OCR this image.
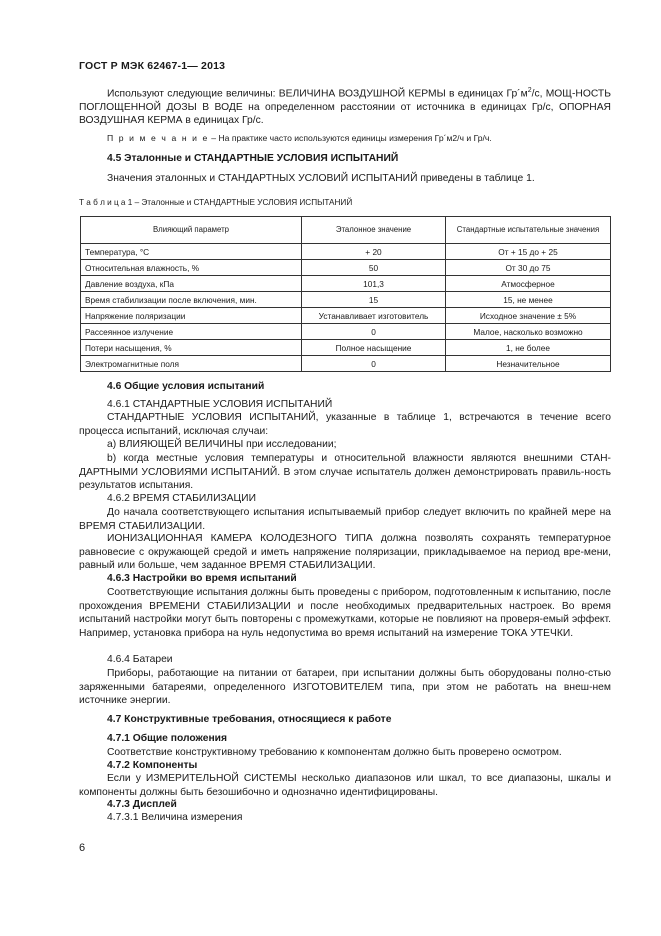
ГОСТ Р МЭК 62467-1— 2013
Используют следующие величины: ВЕЛИЧИНА ВОЗДУШНОЙ КЕРМЫ в единицах $Гр´м^2/с$, МОЩ-НОСТЬ ПОГЛОЩЕННОЙ ДОЗЫ В ВОДЕ на определенном расстоянии от источника в единицах Гр/с, ОПОРНАЯ ВОЗДУШНАЯ КЕРМА в единицах Гр/с.
П р и м е ч а н и е – На практике часто используются единицы измерения Гр´м2/ч и Гр/ч.
4.5 Эталонные и СТАНДАРТНЫЕ УСЛОВИЯ ИСПЫТАНИЙ
Значения эталонных и СТАНДАРТНЫХ УСЛОВИЙ ИСПЫТАНИЙ приведены в таблице 1.
Т а б л и ц а 1 – Эталонные и СТАНДАРТНЫЕ УСЛОВИЯ ИСПЫТАНИЙ
Влияющий параметр	Эталонное значение	Стандартные испытательные значения
Температура, °С	+ 20	От + 15 до + 25
Относительная влажность, %	50	От 30 до 75
Давление воздуха, кПа	101,3	Атмосферное
Время стабилизации после включения, мин.	15	15, не менее
Напряжение поляризации	Устанавливает изготовитель	Исходное значение ± 5%
Рассеянное излучение	0	Малое, насколько возможно
Потери насыщения, %	Полное насыщение	1, не более
Электромагнитные поля	0	Незначительное
4.6 Общие условия испытаний
4.6.1 СТАНДАРТНЫЕ УСЛОВИЯ ИСПЫТАНИЙ
СТАНДАРТНЫЕ УСЛОВИЯ ИСПЫТАНИЙ, указанные в таблице 1, встречаются в течение всего процесса испытаний, исключая случаи:
a) ВЛИЯЮЩЕЙ ВЕЛИЧИНЫ при исследовании;
b) когда местные условия температуры и относительной влажности являются внешними СТАН-ДАРТНЫМИ УСЛОВИЯМИ ИСПЫТАНИЙ. В этом случае испытатель должен демонстрировать правиль-ность результатов испытания.
4.6.2 ВРЕМЯ СТАБИЛИЗАЦИИ
До начала соответствующего испытания испытываемый прибор следует включить по крайней мере на ВРЕМЯ СТАБИЛИЗАЦИИ.
ИОНИЗАЦИОННАЯ КАМЕРА КОЛОДЕЗНОГО ТИПА должна позволять сохранять температурное равновесие с окружающей средой и иметь напряжение поляризации, прикладываемое на период вре-мени, равный или больше, чем заданное ВРЕМЯ СТАБИЛИЗАЦИИ.
4.6.3 Настройки во время испытаний
Соответствующие испытания должны быть проведены с прибором, подготовленным к испытанию, после прохождения ВРЕМЕНИ СТАБИЛИЗАЦИИ и после необходимых предварительных настроек. Во время испытаний настройки могут быть повторены с промежутками, которые не повлияют на проверя-емый эффект. Например, установка прибора на нуль недопустима во время испытаний на измерение ТОКА УТЕЧКИ.
4.6.4 Батареи
Приборы, работающие на питании от батареи, при испытании должны быть оборудованы полно-стью заряженными батареями, определенного ИЗГОТОВИТЕЛЕМ типа, при этом не работать на внеш-нем источнике энергии.
4.7 Конструктивные требования, относящиеся к работе
4.7.1 Общие положения
Соответствие конструктивному требованию к компонентам должно быть проверено осмотром.
4.7.2 Компоненты
Если у ИЗМЕРИТЕЛЬНОЙ СИСТЕМЫ несколько диапазонов или шкал, то все диапазоны, шкалы и компоненты должны быть безошибочно и однозначно идентифицированы.
4.7.3 Дисплей
4.7.3.1 Величина измерения
6
